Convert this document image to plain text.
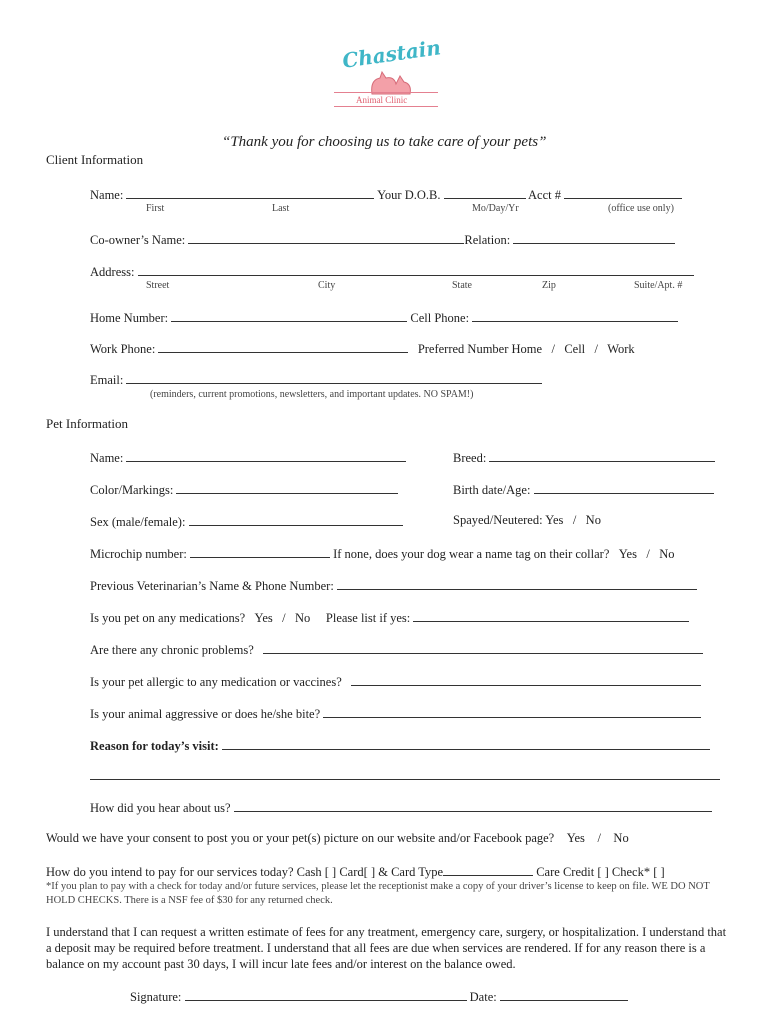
Chastain
Animal Clinic
“Thank you for choosing us to take care of your pets”
Client Information
Name:	Your D.O.B.	Acct #
First	Last	Mo/Day/Yr	(office use only)
Co-owner’s Name:	Relation:
Address:
Street	City	State	Zip	Suite/Apt. #
Home Number:	Cell Phone:
Work Phone:	Preferred Number Home / Cell / Work
Email:
(reminders, current promotions, newsletters, and important updates. NO SPAM!)
Pet Information
Name:	Breed:
Color/Markings:	Birth date/Age:
Sex (male/female):	Spayed/Neutered: Yes / No
Microchip number:	If none, does your dog wear a name tag on their collar? Yes / No
Previous Veterinarian’s Name & Phone Number:
Is you pet on any medications? Yes / No Please list if yes:
Are there any chronic problems?
Is your pet allergic to any medication or vaccines?
Is your animal aggressive or does he/she bite?
Reason for today’s visit:
How did you hear about us?
Would we have your consent to post you or your pet(s) picture on our website and/or Facebook page? Yes / No
How do you intend to pay for our services today? Cash [ ] Card[ ] & Card Type	Care Credit [ ] Check* [ ]
*If you plan to pay with a check for today and/or future services, please let the receptionist make a copy of your driver’s license to keep on file. WE DO NOT HOLD CHECKS. There is a NSF fee of $30 for any returned check.
I understand that I can request a written estimate of fees for any treatment, emergency care, surgery, or hospitalization. I understand that a deposit may be required before treatment. I understand that all fees are due when services are rendered. If for any reason there is a balance on my account past 30 days, I will incur late fees and/or interest on the balance owed.
Signature:	Date:
